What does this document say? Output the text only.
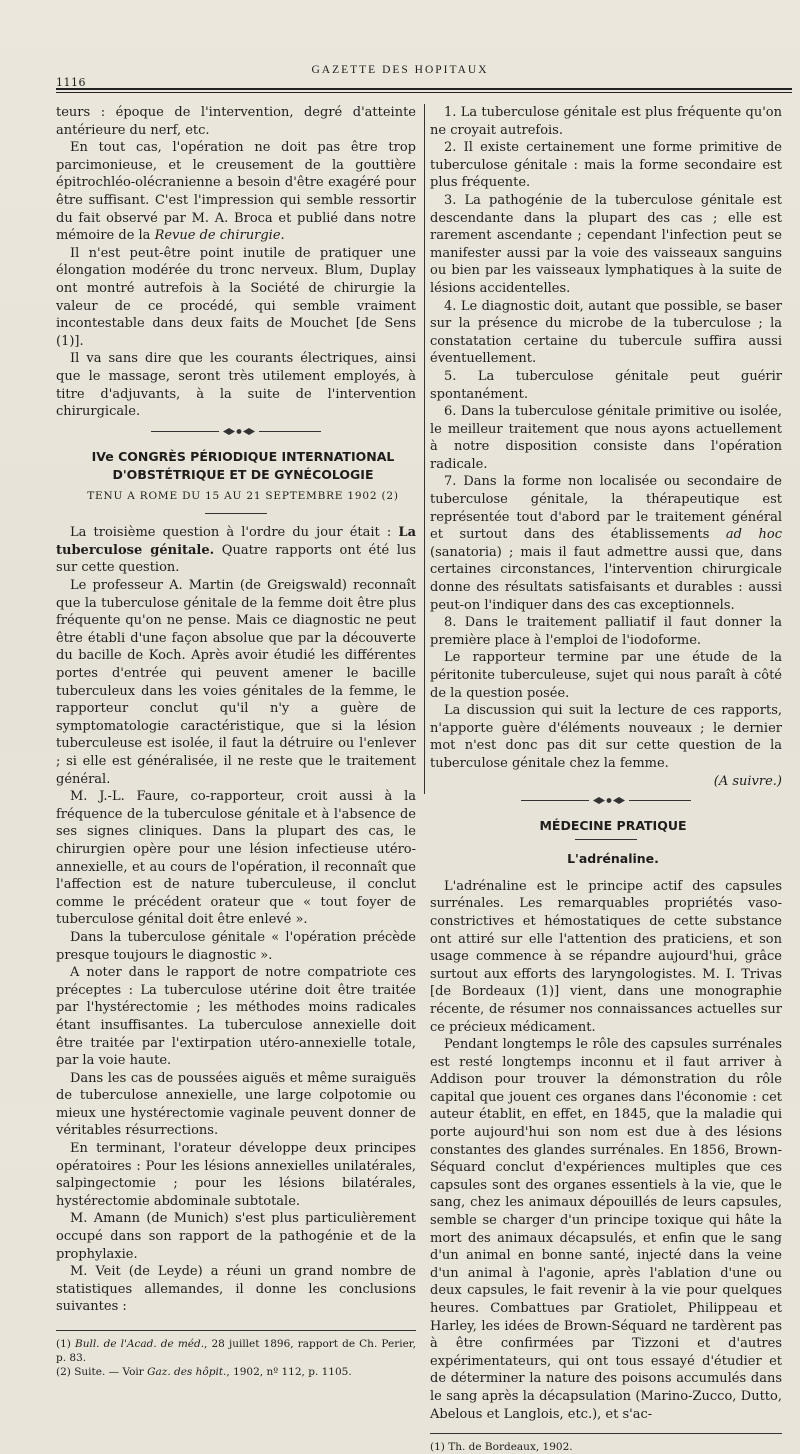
1116
GAZETTE DES HOPITAUX

teurs : époque de l'intervention, degré d'atteinte antérieure du nerf, etc.

En tout cas, l'opération ne doit pas être trop parcimonieuse, et le creusement de la gouttière épitrochléo-olécranienne a besoin d'être exagéré pour être suffisant. C'est l'impression qui semble ressortir du fait observé par M. A. Broca et publié dans notre mémoire de la Revue de chirurgie.

Il n'est peut-être point inutile de pratiquer une élongation modérée du tronc nerveux. Blum, Duplay ont montré autrefois à la Société de chirurgie la valeur de ce procédé, qui semble vraiment incontestable dans deux faits de Mouchet [de Sens (1)].

Il va sans dire que les courants électriques, ainsi que le massage, seront très utilement employés, à titre d'adjuvants, à la suite de l'intervention chirurgicale.

IVe CONGRÈS PÉRIODIQUE INTERNATIONAL

D'OBSTÉTRIQUE ET DE GYNÉCOLOGIE

TENU A ROME DU 15 AU 21 SEPTEMBRE 1902 (2)

La troisième question à l'ordre du jour était : La tuberculose génitale. Quatre rapports ont été lus sur cette question.

Le professeur A. Martin (de Greigswald) reconnaît que la tuberculose génitale de la femme doit être plus fréquente qu'on ne pense. Mais ce diagnostic ne peut être établi d'une façon absolue que par la découverte du bacille de Koch. Après avoir étudié les différentes portes d'entrée qui peuvent amener le bacille tuberculeux dans les voies génitales de la femme, le rapporteur conclut qu'il n'y a guère de symptomatologie caractéristique, que si la lésion tuberculeuse est isolée, il faut la détruire ou l'enlever ; si elle est généralisée, il ne reste que le traitement général.

M. J.-L. Faure, co-rapporteur, croit aussi à la fréquence de la tuberculose génitale et à l'absence de ses signes cliniques. Dans la plupart des cas, le chirurgien opère pour une lésion infectieuse utéro-annexielle, et au cours de l'opération, il reconnaît que l'affection est de nature tuberculeuse, il conclut comme le précédent orateur que « tout foyer de tuberculose génital doit être enlevé ».

Dans la tuberculose génitale « l'opération précède presque toujours le diagnostic ».

A noter dans le rapport de notre compatriote ces préceptes : La tuberculose utérine doit être traitée par l'hystérectomie ; les méthodes moins radicales étant insuffisantes. La tuberculose annexielle doit être traitée par l'extirpation utéro-annexielle totale, par la voie haute.

Dans les cas de poussées aiguës et même suraiguës de tuberculose annexielle, une large colpotomie ou mieux une hystérectomie vaginale peuvent donner de véritables résurrections.

En terminant, l'orateur développe deux principes opératoires : Pour les lésions annexielles unilatérales, salpingectomie ; pour les lésions bilatérales, hystérectomie abdominale subtotale.

M. Amann (de Munich) s'est plus particulièrement occupé dans son rapport de la pathogénie et de la prophylaxie.

M. Veit (de Leyde) a réuni un grand nombre de statistiques allemandes, il donne les conclusions suivantes :

(1) Bull. de l'Acad. de méd., 28 juillet 1896, rapport de Ch. Perier, p. 83.

(2) Suite. — Voir Gaz. des hôpit., 1902, nº 112, p. 1105.

1. La tuberculose génitale est plus fréquente qu'on ne croyait autrefois.

2. Il existe certainement une forme primitive de tuberculose génitale : mais la forme secondaire est plus fréquente.

3. La pathogénie de la tuberculose génitale est descendante dans la plupart des cas ; elle est rarement ascendante ; cependant l'infection peut se manifester aussi par la voie des vaisseaux sanguins ou bien par les vaisseaux lymphatiques à la suite de lésions accidentelles.

4. Le diagnostic doit, autant que possible, se baser sur la présence du microbe de la tuberculose ; la constatation certaine du tubercule suffira aussi éventuellement.

5. La tuberculose génitale peut guérir spontanément.

6. Dans la tuberculose génitale primitive ou isolée, le meilleur traitement que nous ayons actuellement à notre disposition consiste dans l'opération radicale.

7. Dans la forme non localisée ou secondaire de tuberculose génitale, la thérapeutique est représentée tout d'abord par le traitement général et surtout dans des établissements ad hoc (sanatoria) ; mais il faut admettre aussi que, dans certaines circonstances, l'intervention chirurgicale donne des résultats satisfaisants et durables : aussi peut-on l'indiquer dans des cas exceptionnels.

8. Dans le traitement palliatif il faut donner la première place à l'emploi de l'iodoforme.

Le rapporteur termine par une étude de la péritonite tuberculeuse, sujet qui nous paraît à côté de la question posée.

La discussion qui suit la lecture de ces rapports, n'apporte guère d'éléments nouveaux ; le dernier mot n'est donc pas dit sur cette question de la tuberculose génitale chez la femme.

(A suivre.)

MÉDECINE PRATIQUE

L'adrénaline.

L'adrénaline est le principe actif des capsules surrénales. Les remarquables propriétés vaso-constrictives et hémostatiques de cette substance ont attiré sur elle l'attention des praticiens, et son usage commence à se répandre aujourd'hui, grâce surtout aux efforts des laryngologistes. M. I. Trivas [de Bordeaux (1)] vient, dans une monographie récente, de résumer nos connaissances actuelles sur ce précieux médicament.

Pendant longtemps le rôle des capsules surrénales est resté longtemps inconnu et il faut arriver à Addison pour trouver la démonstration du rôle capital que jouent ces organes dans l'économie : cet auteur établit, en effet, en 1845, que la maladie qui porte aujourd'hui son nom est due à des lésions constantes des glandes surrénales. En 1856, Brown-Séquard conclut d'expériences multiples que ces capsules sont des organes essentiels à la vie, que le sang, chez les animaux dépouillés de leurs capsules, semble se charger d'un principe toxique qui hâte la mort des animaux décapsulés, et enfin que le sang d'un animal en bonne santé, injecté dans la veine d'un animal à l'agonie, après l'ablation d'une ou deux capsules, le fait revenir à la vie pour quelques heures. Combattues par Gratiolet, Philippeau et Harley, les idées de Brown-Séquard ne tardèrent pas à être confirmées par Tizzoni et d'autres expérimentateurs, qui ont tous essayé d'étudier et de déterminer la nature des poisons accumulés dans le sang après la décapsulation (Marino-Zucco, Dutto, Abelous et Langlois, etc.), et s'ac-

(1) Th. de Bordeaux, 1902.
